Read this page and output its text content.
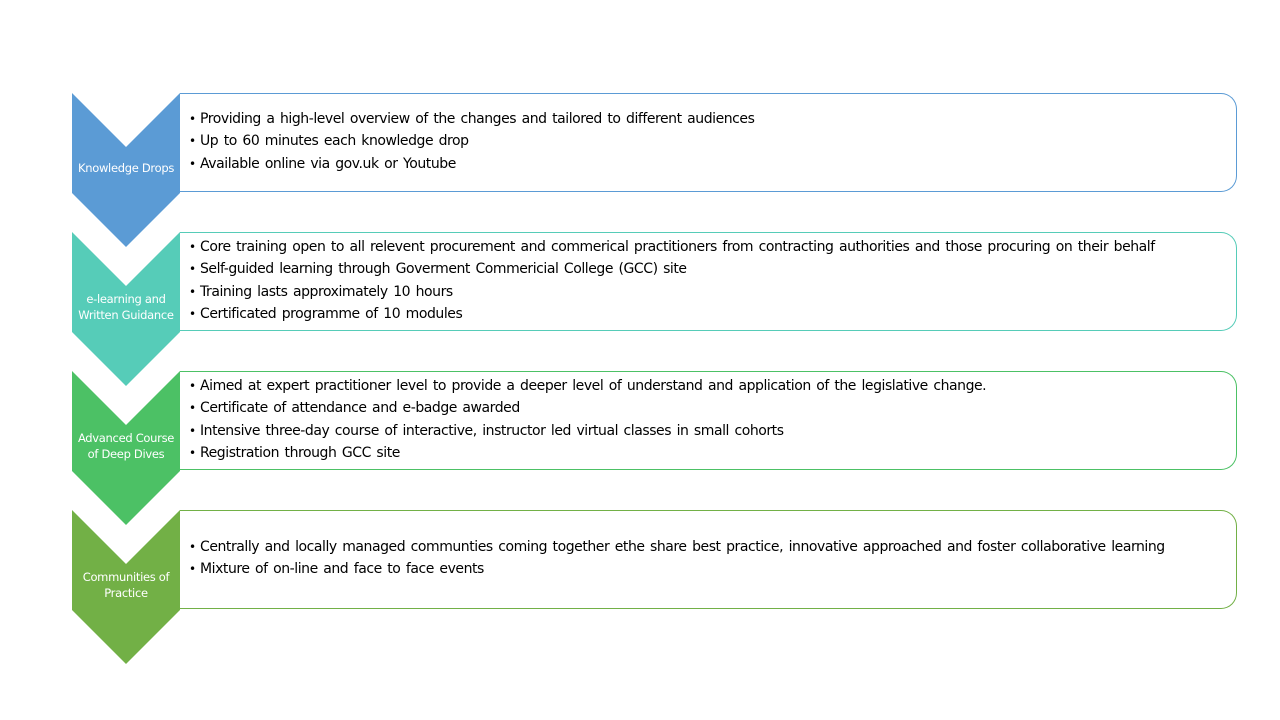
Knowledge Drops
e-learning and
Written Guidance
Advanced Course
of Deep Dives
Communities of
Practice
• Providing a high-level overview of the changes and tailored to different audiences
• Up to 60 minutes each knowledge drop
• Available online via gov.uk or Youtube
• Core training open to all relevent procurement and commerical practitioners from contracting authorities and those procuring on their behalf
• Self-guided learning through Goverment Commericial College (GCC) site
• Training lasts approximately 10 hours
• Certificated programme of 10 modules
• Aimed at expert practitioner level to provide a deeper level of understand and application of the legislative change.
• Certificate of attendance and e-badge awarded
• Intensive three-day course of interactive, instructor led virtual classes in small cohorts
• Registration through GCC site
• Centrally and locally managed communties coming together ethe share best practice, innovative approached and foster collaborative learning
• Mixture of on-line and face to face events
